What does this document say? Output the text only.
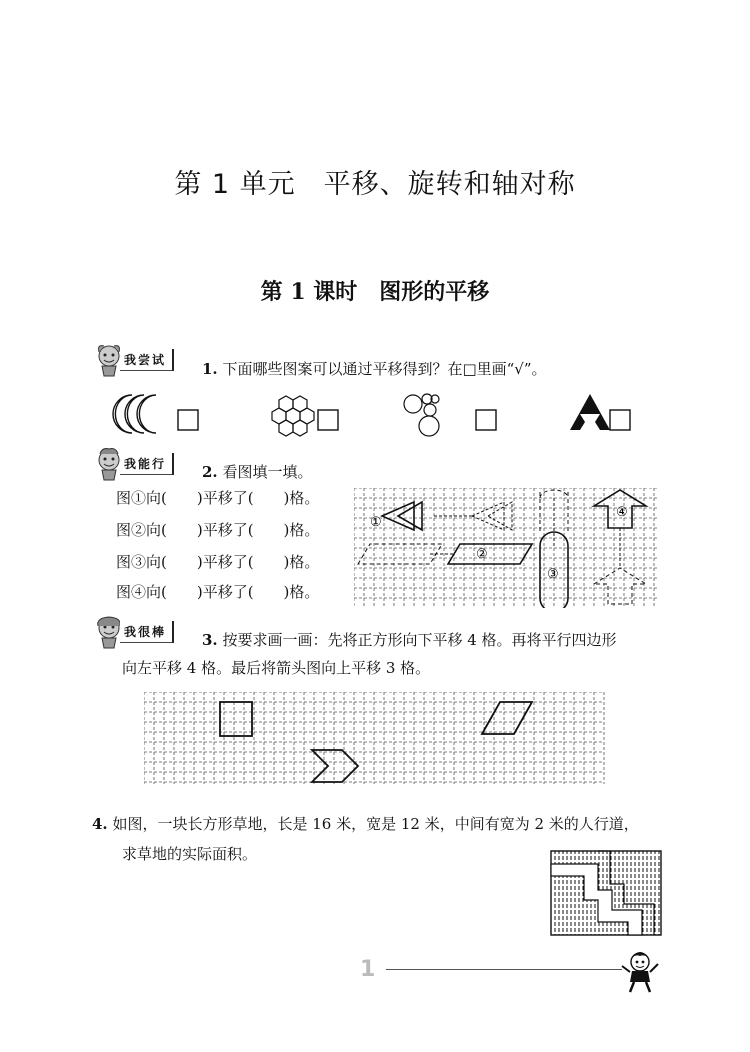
第 1 单元　平移、旋转和轴对称
第 1 课时　图形的平移
我尝试	1. 下面哪些图案可以通过平移得到？在□里画“√”。
我能行	2. 看图填一填。
图①向(　　)平移了(　　)格。
图②向(　　)平移了(　　)格。
图③向(　　)平移了(　　)格。
图④向(　　)平移了(　　)格。
①
②
③
④
我很棒	3. 按要求画一画：先将正方形向下平移 4 格。再将平行四边形
向左平移 4 格。最后将箭头图向上平移 3 格。
4. 如图，一块长方形草地，长是 16 米，宽是 12 米，中间有宽为 2 米的人行道，
求草地的实际面积。
1
